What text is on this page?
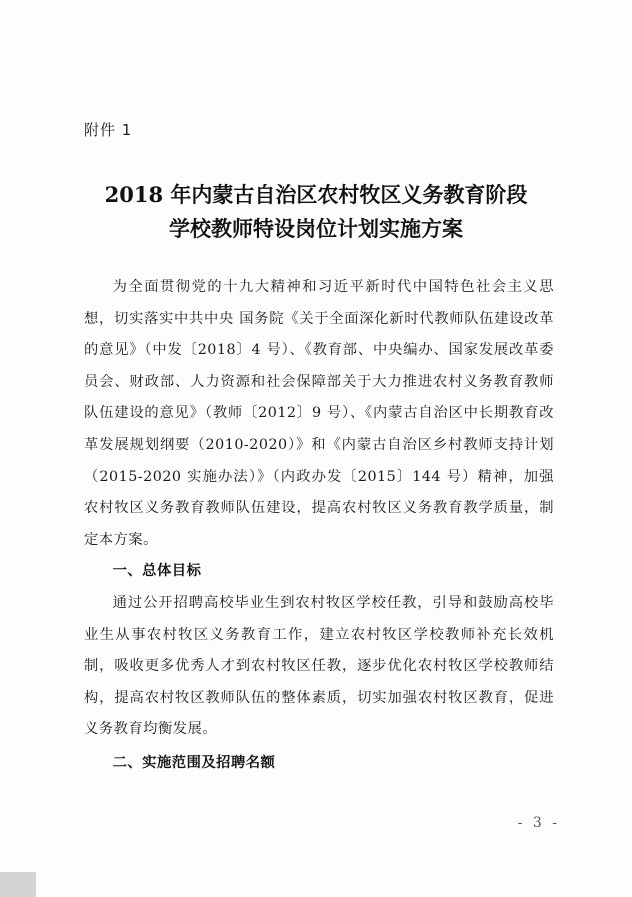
附件 1
2018 年内蒙古自治区农村牧区义务教育阶段
学校教师特设岗位计划实施方案

为全面贯彻党的十九大精神和习近平新时代中国特色社会主义思想，切实落实中共中央 国务院《关于全面深化新时代教师队伍建设改革的意见》（中发〔2018〕4 号）、《教育部、中央编办、国家发展改革委员会、财政部、人力资源和社会保障部关于大力推进农村义务教育教师队伍建设的意见》（教师〔2012〕9 号）、《内蒙古自治区中长期教育改革发展规划纲要（2010-2020）》和《内蒙古自治区乡村教师支持计划（2015-2020 实施办法）》（内政办发〔2015〕144 号）精神，加强农村牧区义务教育教师队伍建设，提高农村牧区义务教育教学质量，制定本方案。

一、总体目标

通过公开招聘高校毕业生到农村牧区学校任教，引导和鼓励高校毕业生从事农村牧区义务教育工作，建立农村牧区学校教师补充长效机制，吸收更多优秀人才到农村牧区任教，逐步优化农村牧区学校教师结构，提高农村牧区教师队伍的整体素质，切实加强农村牧区教育，促进义务教育均衡发展。

二、实施范围及招聘名额
- 3 -
